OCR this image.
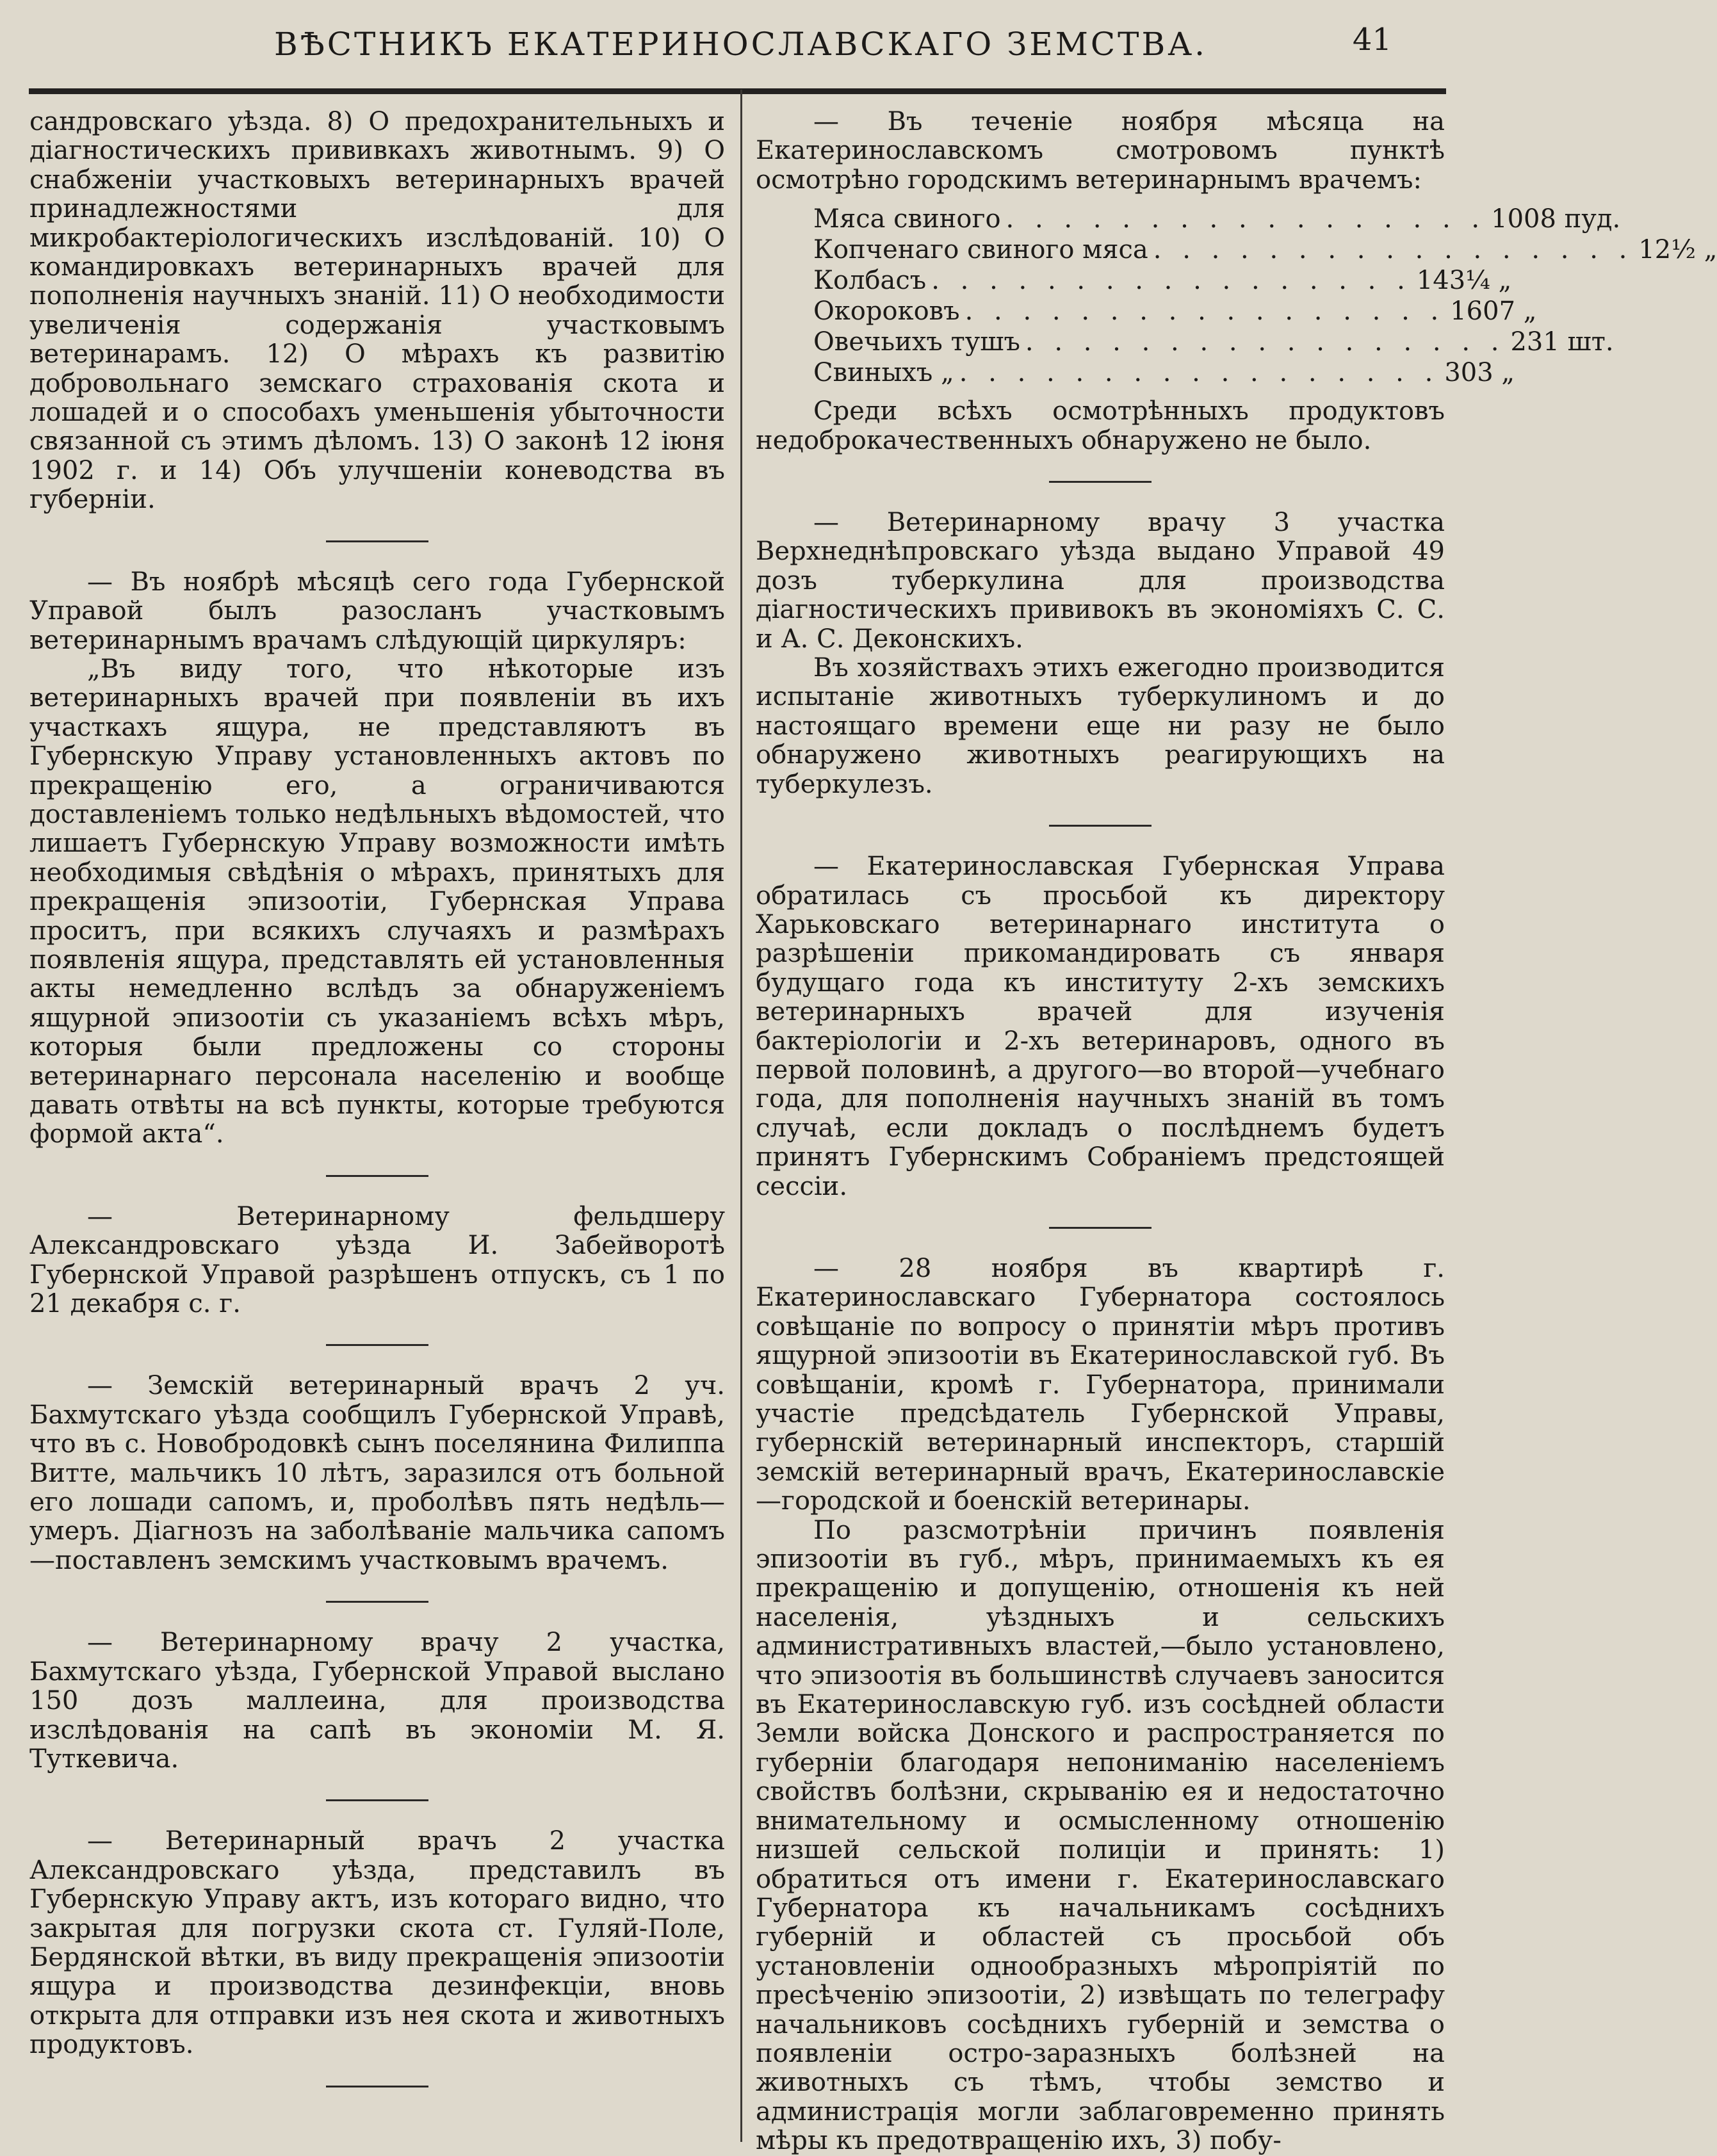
ВѢСТНИКЪ ЕКАТЕРИНОСЛАВСКАГО ЗЕМСТВА.	41

сандровскаго уѣзда. 8) О предохранительныхъ и діагностическихъ прививкахъ животнымъ. 9) О снабженіи участковыхъ ветеринарныхъ врачей принадлежностями для микробактеріологическихъ изслѣдованій. 10) О командировкахъ ветеринарныхъ врачей для пополненія научныхъ знаній. 11) О необходимости увеличенія содержанія участковымъ ветеринарамъ. 12) О мѣрахъ къ развитію добровольнаго земскаго страхованія скота и лошадей и о способахъ уменьшенія убыточности связанной съ этимъ дѣломъ. 13) О законѣ 12 іюня 1902 г. и 14) Объ улучшеніи коневодства въ губерніи.

— Въ ноябрѣ мѣсяцѣ сего года Губернской Управой былъ разосланъ участковымъ ветеринарнымъ врачамъ слѣдующій циркуляръ:

„Въ виду того, что нѣкоторые изъ ветеринарныхъ врачей при появленіи въ ихъ участкахъ ящура, не представляютъ въ Губернскую Управу установленныхъ актовъ по прекращенію его, а ограничиваются доставленіемъ только недѣльныхъ вѣдомостей, что лишаетъ Губернскую Управу возможности имѣть необходимыя свѣдѣнія о мѣрахъ, принятыхъ для прекращенія эпизоотіи, Губернская Управа проситъ, при всякихъ случаяхъ и размѣрахъ появленія ящура, представлять ей установленныя акты немедленно вслѣдъ за обнаруженіемъ ящурной эпизоотіи съ указаніемъ всѣхъ мѣръ, которыя были предложены со стороны ветеринарнаго персонала населенію и вообще давать отвѣты на всѣ пункты, которые требуются формой акта“.

— Ветеринарному фельдшеру Александровскаго уѣзда И. Забейворотѣ Губернской Управой разрѣшенъ отпускъ, съ 1 по 21 декабря с. г.

— Земскій ветеринарный врачъ 2 уч. Бахмутскаго уѣзда сообщилъ Губернской Управѣ, что въ с. Новобродовкѣ сынъ поселянина Филиппа Витте, мальчикъ 10 лѣтъ, заразился отъ больной его лошади сапомъ, и, проболѣвъ пять недѣль—умеръ. Діагнозъ на заболѣваніе мальчика сапомъ—поставленъ земскимъ участковымъ врачемъ.

— Ветеринарному врачу 2 участка, Бахмутскаго уѣзда, Губернской Управой выслано 150 дозъ маллеина, для производства изслѣдованія на сапѣ въ экономіи М. Я. Туткевича.

— Ветеринарный врачъ 2 участка Александровскаго уѣзда, представилъ въ Губернскую Управу актъ, изъ котораго видно, что закрытая для погрузки скота ст. Гуляй-Поле, Бердянской вѣтки, въ виду прекращенія эпизоотіи ящура и производства дезинфекціи, вновь открыта для отправки изъ нея скота и животныхъ продуктовъ.

— Въ теченіе ноября мѣсяца на Екатеринославскомъ смотровомъ пунктѣ осмотрѣно городскимъ ветеринарнымъ врачемъ:

Мяса свиного . . . . . . . . . . . . . . . . . 1008 пуд.
Копченаго свиного мяса . . . . . . . . . . . . . . . . . 12½ „
Колбасъ . . . . . . . . . . . . . . . . . 143¼ „
Окороковъ . . . . . . . . . . . . . . . . . 1607 „
Овечьихъ тушъ . . . . . . . . . . . . . . . . . 231 шт.
Свиныхъ „ . . . . . . . . . . . . . . . . . 303 „

Среди всѣхъ осмотрѣнныхъ продуктовъ недоброкачественныхъ обнаружено не было.

— Ветеринарному врачу 3 участка Верхнеднѣпровскаго уѣзда выдано Управой 49 дозъ туберкулина для производства діагностическихъ прививокъ въ экономіяхъ С. С. и А. С. Деконскихъ.

Въ хозяйствахъ этихъ ежегодно производится испытаніе животныхъ туберкулиномъ и до настоящаго времени еще ни разу не было обнаружено животныхъ реагирующихъ на туберкулезъ.

— Екатеринославская Губернская Управа обратилась съ просьбой къ директору Харьковскаго ветеринарнаго института о разрѣшеніи прикомандировать съ января будущаго года къ институту 2-хъ земскихъ ветеринарныхъ врачей для изученія бактеріологіи и 2-хъ ветеринаровъ, одного въ первой половинѣ, а другого—во второй—учебнаго года, для пополненія научныхъ знаній въ томъ случаѣ, если докладъ о послѣднемъ будетъ принятъ Губернскимъ Собраніемъ предстоящей сессіи.

— 28 ноября въ квартирѣ г. Екатеринославскаго Губернатора состоялось совѣщаніе по вопросу о принятіи мѣръ противъ ящурной эпизоотіи въ Екатеринославской губ. Въ совѣщаніи, кромѣ г. Губернатора, принимали участіе предсѣдатель Губернской Управы, губернскій ветеринарный инспекторъ, старшій земскій ветеринарный врачъ, Екатеринославскіе—городской и боенскій ветеринары.

По разсмотрѣніи причинъ появленія эпизоотіи въ губ., мѣръ, принимаемыхъ къ ея прекращенію и допущенію, отношенія къ ней населенія, уѣздныхъ и сельскихъ административныхъ властей,—было установлено, что эпизоотія въ большинствѣ случаевъ заносится въ Екатеринославскую губ. изъ сосѣдней области Земли войска Донского и распространяется по губерніи благодаря непониманію населеніемъ свойствъ болѣзни, скрыванію ея и недостаточно внимательному и осмысленному отношенію низшей сельской полиціи и принять: 1) обратиться отъ имени г. Екатеринославскаго Губернатора къ начальникамъ сосѣднихъ губерній и областей съ просьбой объ установленіи однообразныхъ мѣропріятій по пресѣченію эпизоотіи, 2) извѣщать по телеграфу начальниковъ сосѣднихъ губерній и земства о появленіи остро-заразныхъ болѣзней на животныхъ съ тѣмъ, чтобы земство и администрація могли заблаговременно принять мѣры къ предотвращенію ихъ, 3) побу-
